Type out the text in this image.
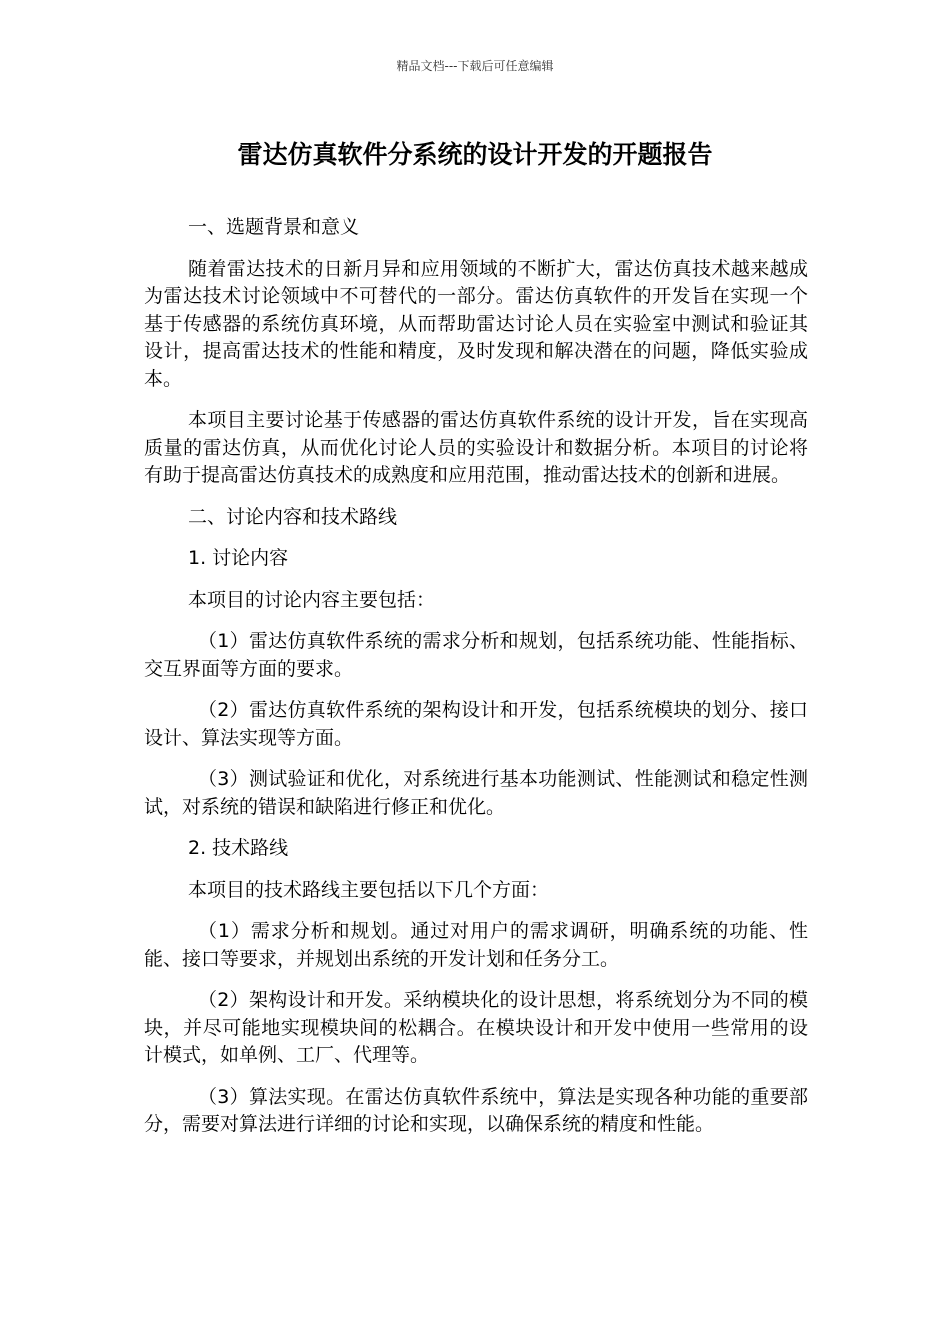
精品文档---下载后可任意编辑
雷达仿真软件分系统的设计开发的开题报告

一、选题背景和意义

随着雷达技术的日新月异和应用领域的不断扩大，雷达仿真技术越来越成为雷达技术讨论领域中不可替代的一部分。雷达仿真软件的开发旨在实现一个基于传感器的系统仿真环境，从而帮助雷达讨论人员在实验室中测试和验证其设计，提高雷达技术的性能和精度，及时发现和解决潜在的问题，降低实验成本。

本项目主要讨论基于传感器的雷达仿真软件系统的设计开发，旨在实现高质量的雷达仿真，从而优化讨论人员的实验设计和数据分析。本项目的讨论将有助于提高雷达仿真技术的成熟度和应用范围，推动雷达技术的创新和进展。

二、讨论内容和技术路线

1. 讨论内容

本项目的讨论内容主要包括：

（1）雷达仿真软件系统的需求分析和规划，包括系统功能、性能指标、交互界面等方面的要求。

（2）雷达仿真软件系统的架构设计和开发，包括系统模块的划分、接口设计、算法实现等方面。

（3）测试验证和优化，对系统进行基本功能测试、性能测试和稳定性测试，对系统的错误和缺陷进行修正和优化。

2. 技术路线

本项目的技术路线主要包括以下几个方面：

（1）需求分析和规划。通过对用户的需求调研，明确系统的功能、性能、接口等要求，并规划出系统的开发计划和任务分工。

（2）架构设计和开发。采纳模块化的设计思想，将系统划分为不同的模块，并尽可能地实现模块间的松耦合。在模块设计和开发中使用一些常用的设计模式，如单例、工厂、代理等。

（3）算法实现。在雷达仿真软件系统中，算法是实现各种功能的重要部分，需要对算法进行详细的讨论和实现，以确保系统的精度和性能。
